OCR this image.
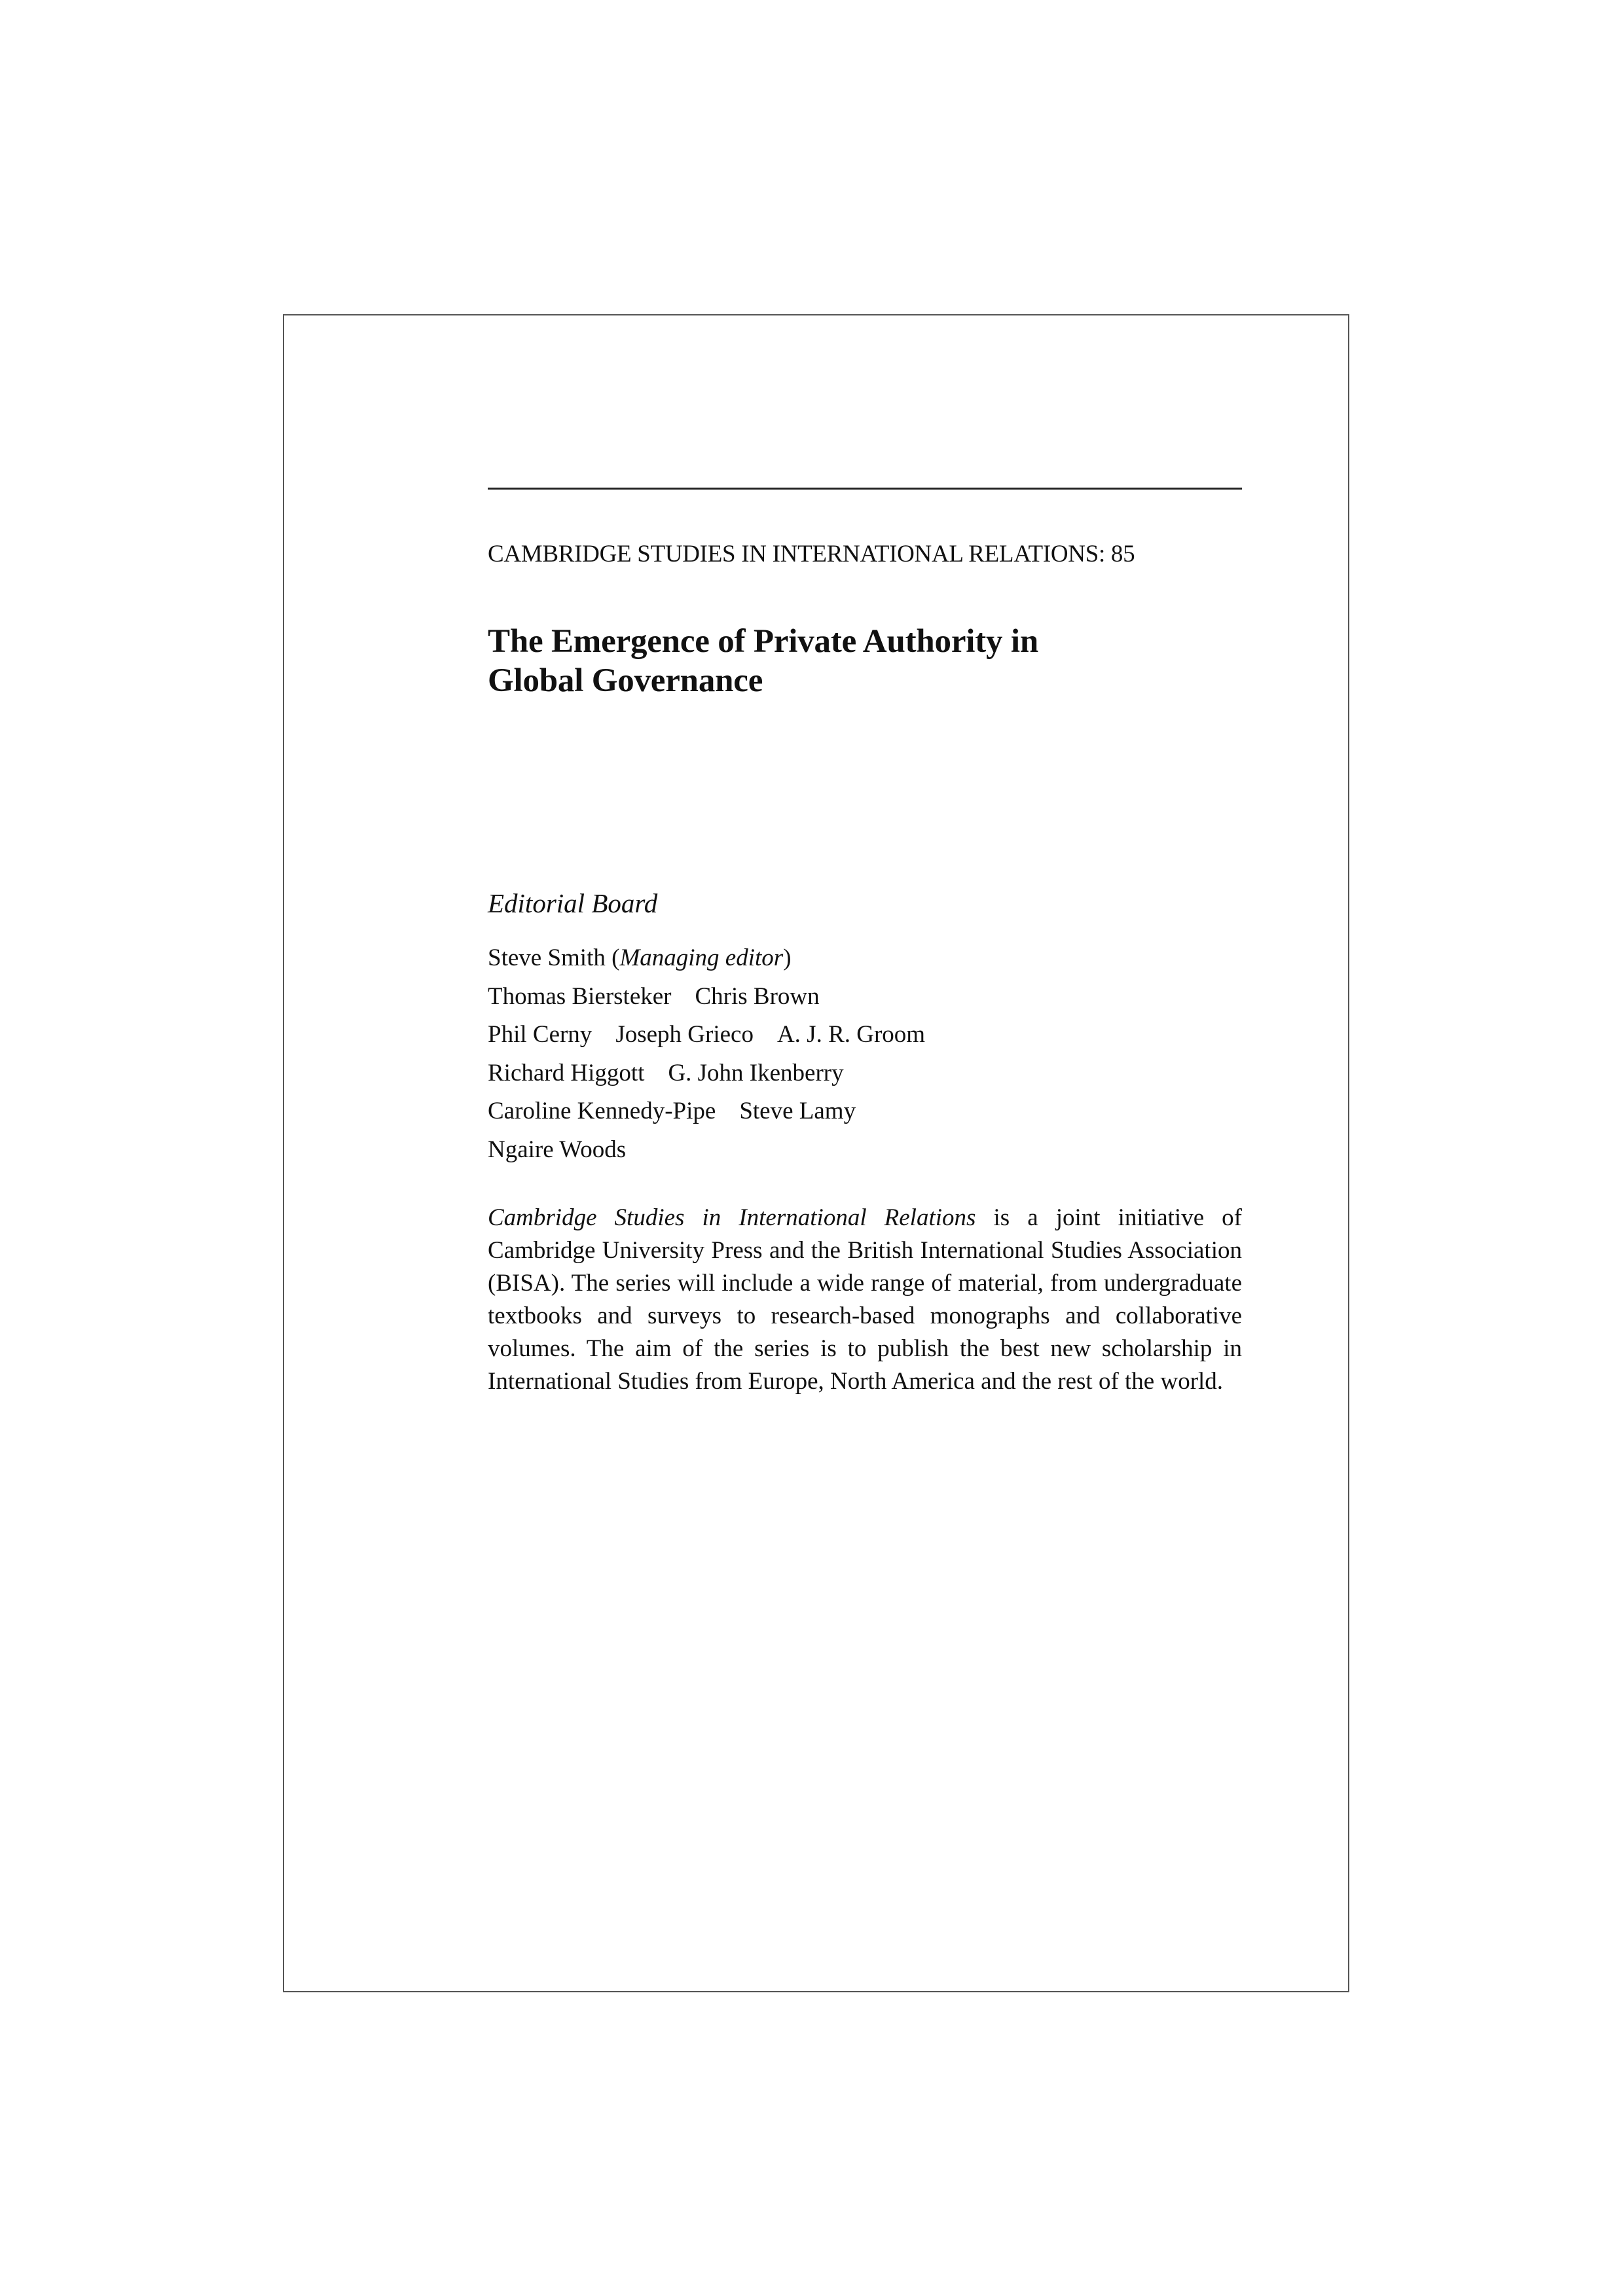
CAMBRIDGE STUDIES IN INTERNATIONAL RELATIONS: 85
The Emergence of Private Authority in
Global Governance
Editorial Board
Steve Smith (Managing editor)
Thomas Biersteker Chris Brown
Phil Cerny Joseph Grieco A. J. R. Groom
Richard Higgott G. John Ikenberry
Caroline Kennedy-Pipe Steve Lamy
Ngaire Woods

Cambridge Studies in International Relations is a joint initiative of Cambridge University Press and the British International Studies Association (BISA). The series will include a wide range of material, from undergraduate textbooks and surveys to research-based monographs and collaborative volumes. The aim of the series is to publish the best new scholarship in International Studies from Europe, North America and the rest of the world.
